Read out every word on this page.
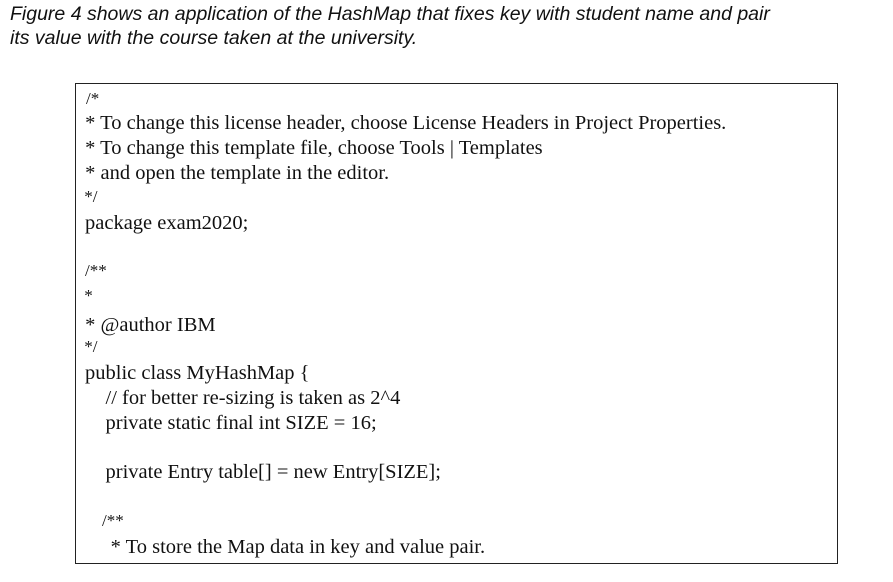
Figure 4 shows an application of the HashMap that fixes key with student name and pair
its value with the course taken at the university.
/*
* To change this license header, choose License Headers in Project Properties.
* To change this template file, choose Tools | Templates
* and open the template in the editor.
*/
package exam2020;
/**
*
* @author IBM
*/
public class MyHashMap {
// for better re-sizing is taken as 2^4
private static final int SIZE = 16;
private Entry table[] = new Entry[SIZE];
/**
* To store the Map data in key and value pair.
